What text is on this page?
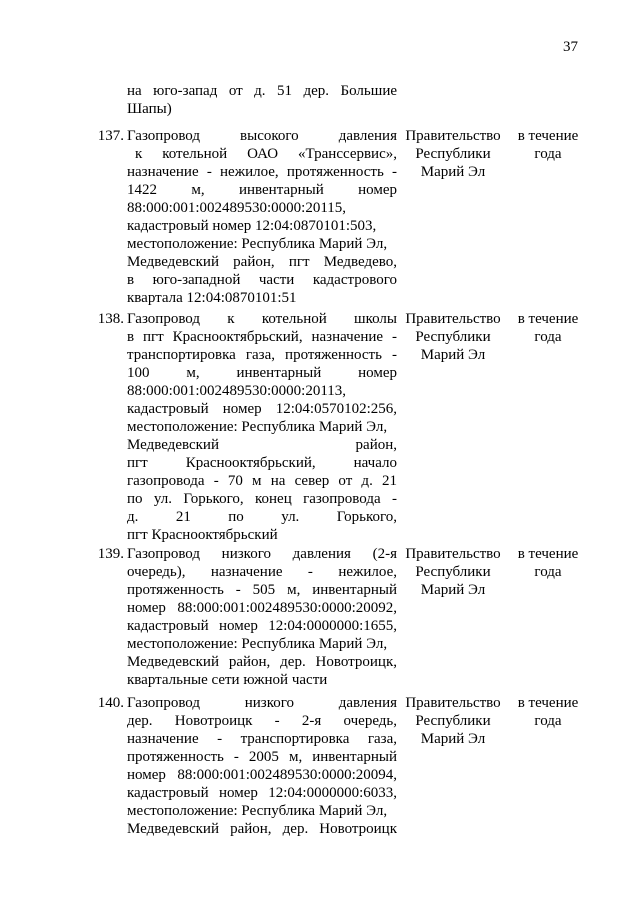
37
на юго-запад от д. 51 дер. Большие
Шапы)
137. Газопровод высокого давления
к котельной ОАО «Транссервис»,
назначение - нежилое, протяженность -
1422 м, инвентарный номер
88:000:001:002489530:0000:20115,
кадастровый номер 12:04:0870101:503,
местоположение: Республика Марий Эл,
Медведевский район, пгт Медведево,
в юго-западной части кадастрового
квартала 12:04:0870101:51
Правительство
Республики
Марий Эл
в течение
года
138. Газопровод к котельной школы
в пгт Краснооктябрьский, назначение -
транспортировка газа, протяженность -
100 м, инвентарный номер
88:000:001:002489530:0000:20113,
кадастровый номер 12:04:0570102:256,
местоположение: Республика Марий Эл,
Медведевский район,
пгт Краснооктябрьский, начало
газопровода - 70 м на север от д. 21
по ул. Горького, конец газопровода -
д. 21 по ул. Горького,
пгт Краснооктябрьский
Правительство
Республики
Марий Эл
в течение
года
139. Газопровод низкого давления (2-я
очередь), назначение - нежилое,
протяженность - 505 м, инвентарный
номер 88:000:001:002489530:0000:20092,
кадастровый номер 12:04:0000000:1655,
местоположение: Республика Марий Эл,
Медведевский район, дер. Новотроицк,
квартальные сети южной части
Правительство
Республики
Марий Эл
в течение
года
140. Газопровод низкого давления
дер. Новотроицк - 2-я очередь,
назначение - транспортировка газа,
протяженность - 2005 м, инвентарный
номер 88:000:001:002489530:0000:20094,
кадастровый номер 12:04:0000000:6033,
местоположение: Республика Марий Эл,
Медведевский район, дер. Новотроицк
Правительство
Республики
Марий Эл
в течение
года
